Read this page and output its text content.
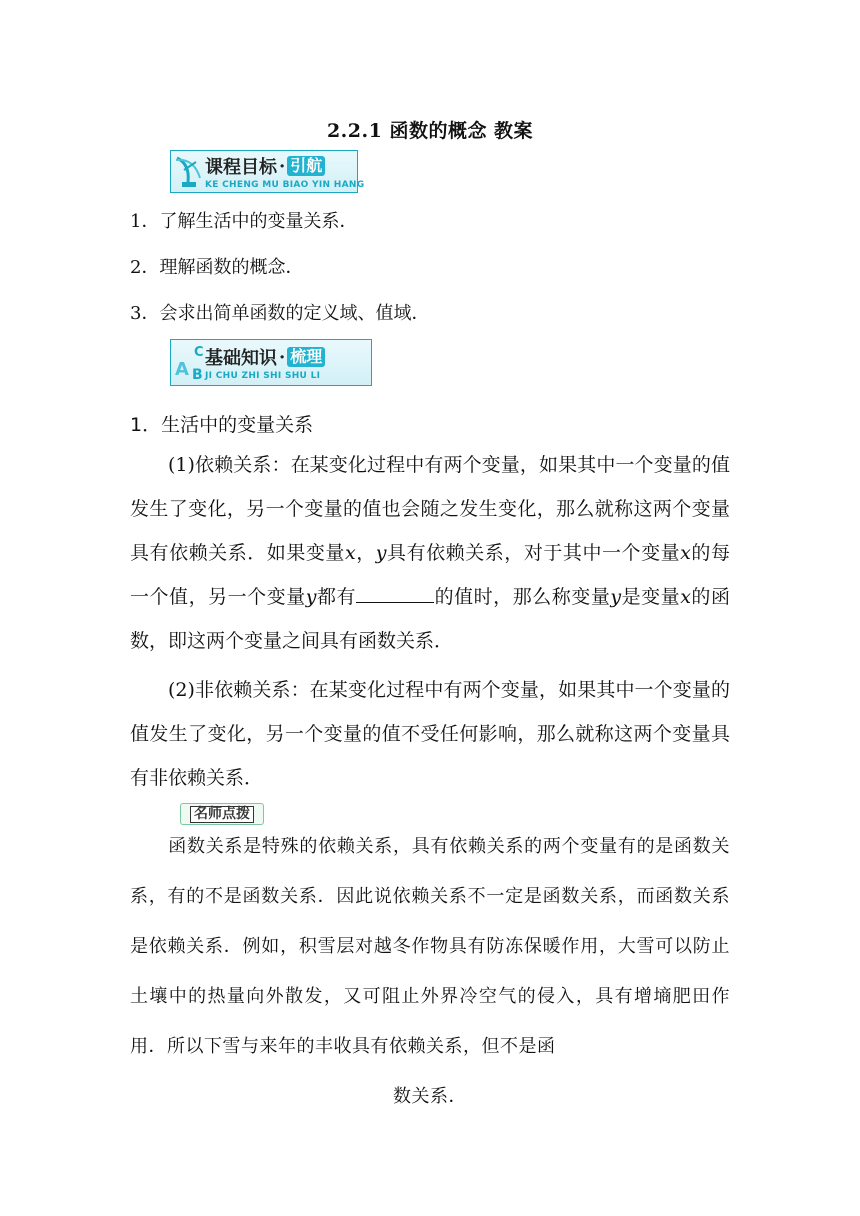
2.2.1 函数的概念 教案
课程目标 · 引航
KE CHENG MU BIAO YIN HANG
1．了解生活中的变量关系．
2．理解函数的概念．
3．会求出简单函数的定义域、值域．
C
A B
基础知识 · 梳理
JI CHU ZHI SHI SHU LI
1．生活中的变量关系

(1)依赖关系：在某变化过程中有两个变量，如果其中一个变量的值发生了变化，另一个变量的值也会随之发生变化，那么就称这两个变量具有依赖关系．如果变量x，y具有依赖关系，对于其中一个变量x的每一个值，另一个变量y都有	的值时，那么称变量y是变量x的函数，即这两个变量之间具有函数关系．

(2)非依赖关系：在某变化过程中有两个变量，如果其中一个变量的值发生了变化，另一个变量的值不受任何影响，那么就称这两个变量具有非依赖关系．

名师点拨

函数关系是特殊的依赖关系，具有依赖关系的两个变量有的是函数关系，有的不是函数关系．因此说依赖关系不一定是函数关系，而函数关系是依赖关系．例如，积雪层对越冬作物具有防冻保暖作用，大雪可以防止土壤中的热量向外散发，又可阻止外界冷空气的侵入，具有增墒肥田作用．所以下雪与来年的丰收具有依赖关系，但不是函
数关系．
